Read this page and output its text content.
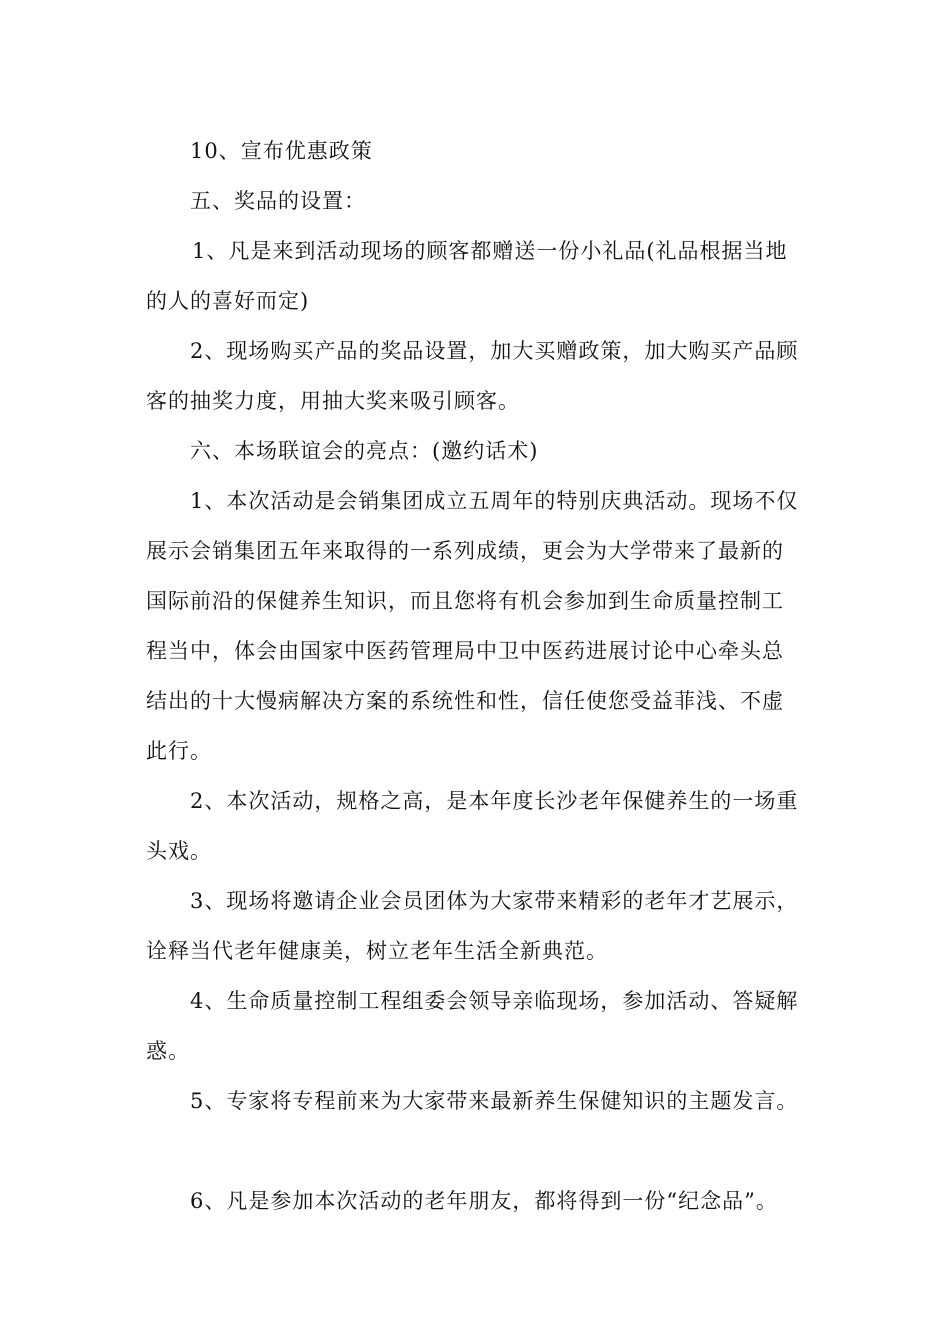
10、宣布优惠政策
五、奖品的设置：
1、凡是来到活动现场的顾客都赠送一份小礼品(礼品根据当地
的人的喜好而定)
2、现场购买产品的奖品设置，加大买赠政策，加大购买产品顾
客的抽奖力度，用抽大奖来吸引顾客。
六、本场联谊会的亮点：(邀约话术)
1、本次活动是会销集团成立五周年的特别庆典活动。现场不仅
展示会销集团五年来取得的一系列成绩，更会为大学带来了最新的
国际前沿的保健养生知识，而且您将有机会参加到生命质量控制工
程当中，体会由国家中医药管理局中卫中医药进展讨论中心牵头总
结出的十大慢病解决方案的系统性和性，信任使您受益菲浅、不虚
此行。
2、本次活动，规格之高，是本年度长沙老年保健养生的一场重
头戏。
3、现场将邀请企业会员团体为大家带来精彩的老年才艺展示，
诠释当代老年健康美，树立老年生活全新典范。
4、生命质量控制工程组委会领导亲临现场，参加活动、答疑解
惑。
5、专家将专程前来为大家带来最新养生保健知识的主题发言。
6、凡是参加本次活动的老年朋友，都将得到一份“纪念品”。
